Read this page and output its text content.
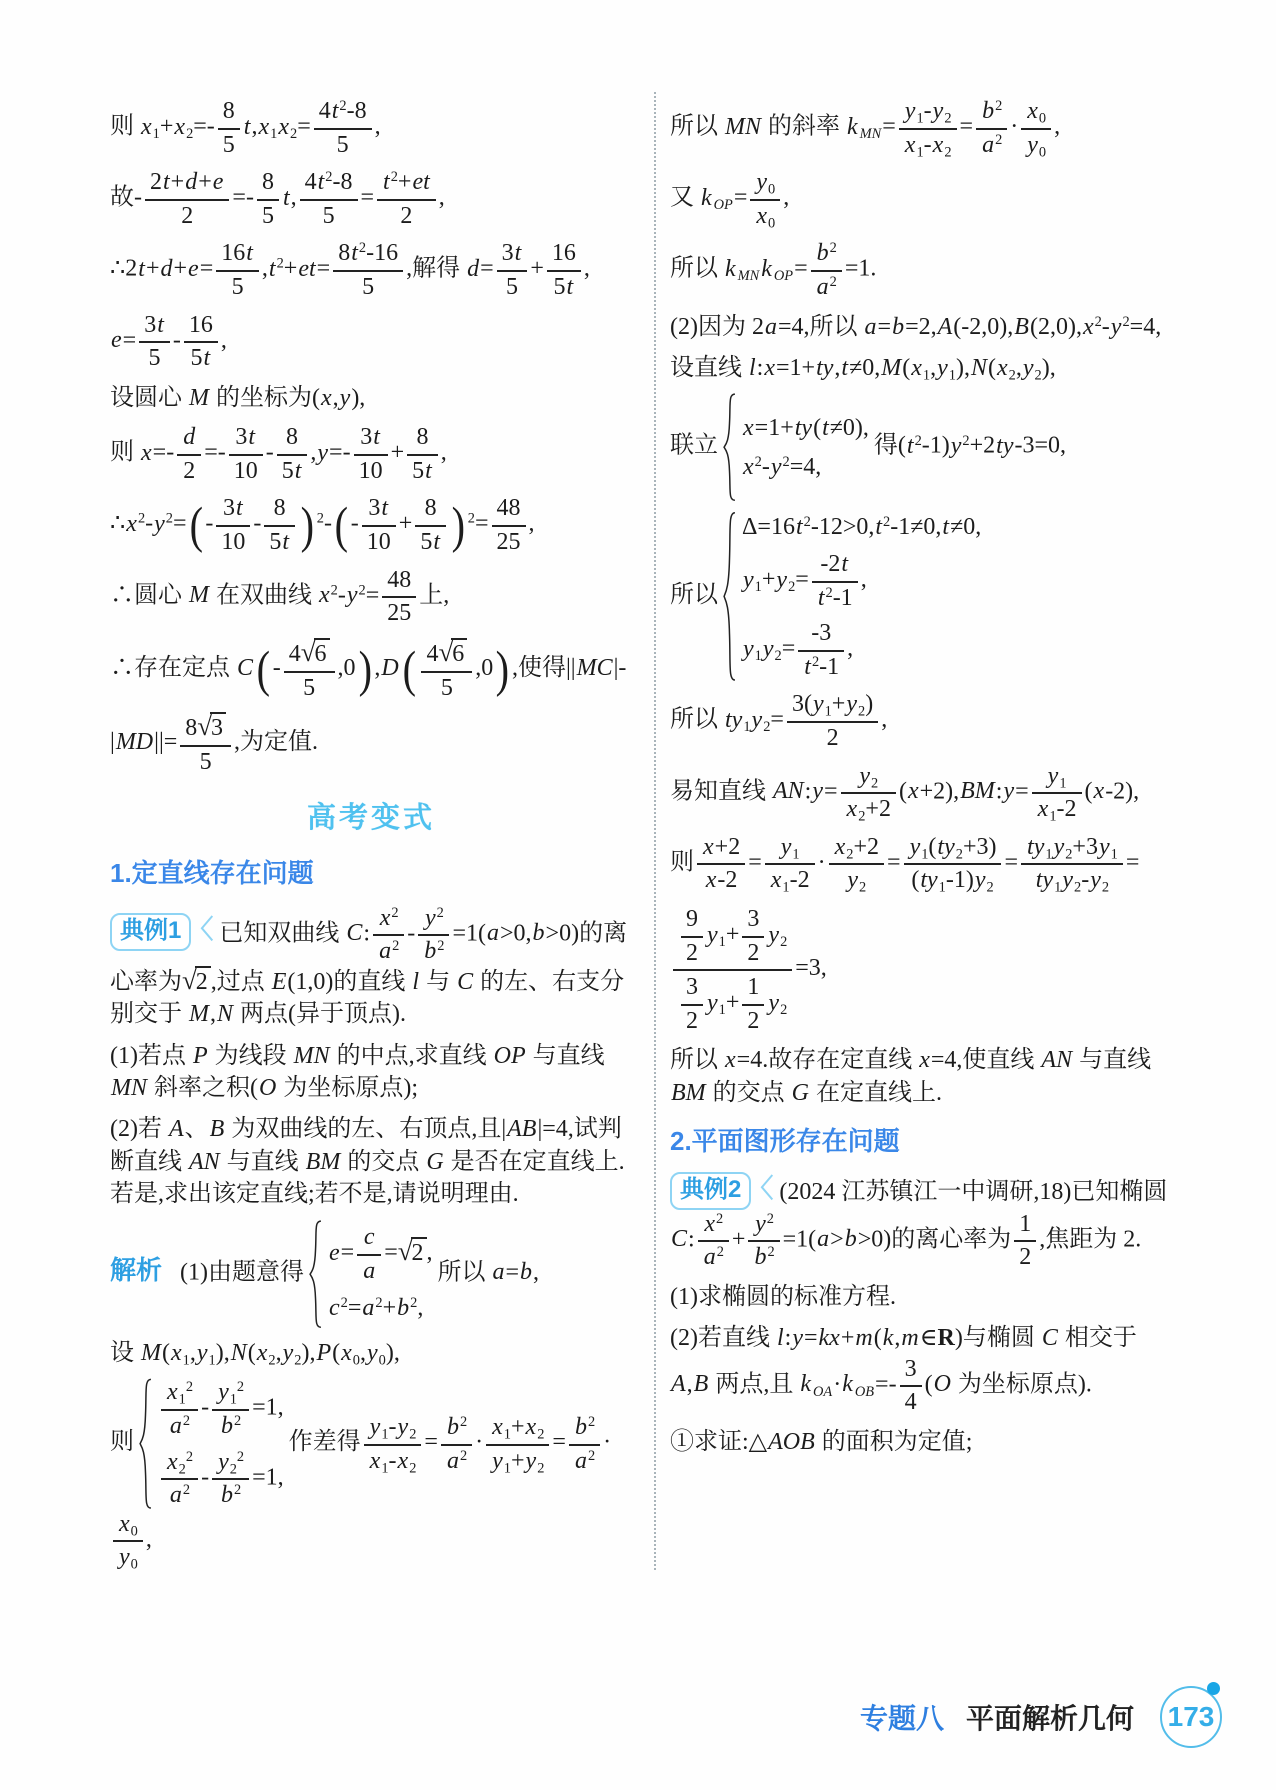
则 $x_1+x_2=- \frac{8}{5} t,x_1x_2= \frac{4t^2-8}{5}$ ,
故- $\frac{2t+d+e}{2} =- \frac{8}{5} t$, $\frac{4t^2-8}{5} = \frac{t^2+et}{2}$ ,
∴2t+d+e= $\frac{16t}{5} ,t^2+et= \frac{8t^2-16}{5}$ ,解得 $d= \frac{3t}{5} + \frac{16}{5t}$ ,
$e= \frac{3t}{5} - \frac{16}{5t}$ ,
设圆心 M 的坐标为(x,y),
则 $x=- \frac{d}{2} =- \frac{3t}{10} - \frac{8}{5t} ,y=- \frac{3t}{10} + \frac{8}{5t}$ ,
$\therefore x^2-y^2=$ ( - $\frac{3t}{10} - \frac{8}{5t}$ ) $^2$- ( - $\frac{3t}{10} + \frac{8}{5t}$ ) $^2= \frac{48}{25}$ ,
∴圆心 M 在双曲线 $x^2-y^2= \frac{48}{25}$ 上,
∴存在定点 C ( - $\frac{4 √ 6}{5} ,0$ ) ,D ( $\frac{4 √ 6}{5} ,0$ ) ,使得||MC|-
$|MD||= \frac{8 √ 3}{5}$ ,为定值.
高考变式
1.定直线存在问题
典例1 〈 已知双曲线 C: $\frac{x^2}{a^2} - \frac{y^2}{b^2} =1(a>0,b>0)$的离心率为 √ 2 ,过点 E(1,0)的直线 l 与 C 的左、右支分别交于 M,N 两点(异于顶点).
(1)若点 P 为线段 MN 的中点,求直线 OP 与直线 MN 斜率之积(O 为坐标原点);
(2)若 A、B 为双曲线的左、右顶点,且|AB|=4,试判断直线 AN 与直线 BM 的交点 G 是否在定直线上.若是,求出该定直线;若不是,请说明理由.
解析 (1)由题意得
$e= \frac{c}{a}$ = √ 2 ,
$c^2=a^2+b^2$,
所以 a=b,
设 $M(x_1,y_1),N(x_2,y_2),P(x_0,y_0)$,
则
$\frac{x_1^2}{a^2} - \frac{y_1^2}{b^2} =1$,
$\frac{x_2^2}{a^2} - \frac{y_2^2}{b^2} =1$,
作差得 $\frac{y_1-y_2}{x_1-x_2} = \frac{b^2}{a^2} \cdot \frac{x_1+x_2}{y_1+y_2} = \frac{b^2}{a^2}$ ·
$\frac{x_0}{y_0}$ ,
所以 MN 的斜率 k $_{MN}= \frac{y_1-y_2}{x_1-x_2} = \frac{b^2}{a^2} \cdot \frac{x_0}{y_0}$ ,
又 k $_{OP}= \frac{y_0}{x_0}$ ,
所以 k $_{MN}$k $_{OP}= \frac{b^2}{a^2} =1$.
(2)因为 2a=4,所以 $a=b=2,A(-2,0),B(2,0),x^2-y^2=4$,
设直线 $l:x=1+ty,t\ne 0,M(x_1,y_1),N(x_2,y_2)$,
联立
x=1+ty(t≠0),
$x^2-y^2=4$,
得$(t^2-1)y^2+2ty-3=0$,
所以
$\Delta=16t^2-12>0,t^2-1\ne 0,t\ne 0$,
$y_1+y_2= \frac{-2t}{t^2-1}$ ,
$y_1y_2= \frac{-3}{t^2-1}$ ,
所以 $ty_1y_2= \frac{3(y_1+y_2)}{2}$ ,
易知直线 AN:y= $\frac{y_2}{x_2+2}$ (x+2),BM:y= $\frac{y_1}{x_1-2} (x-2)$,
则 $\frac{x+2}{x-2} = \frac{y_1}{x_1-2} \cdot \frac{x_2+2}{y_2} = \frac{y_1(ty_2+3)}{(ty_1-1)y_2} = \frac{ty_1y_2+3y_1}{ty_1y_2-y_2}$ =
$\frac{\frac{9}{2} y_1+ \frac{3}{2} y_2}{\frac{3}{2} y_1+ \frac{1}{2} y_2} =3$,
所以 x=4.故存在定直线 x=4,使直线 AN 与直线 BM 的交点 G 在定直线上.
2.平面图形存在问题
典例2 〈 (2024 江苏镇江一中调研,18)已知椭圆 C: $\frac{x^2}{a^2} + \frac{y^2}{b^2} =1(a>b>0)$的离心率为 $\frac{1}{2}$ ,焦距为 2.
(1)求椭圆的标准方程.
(2)若直线 l:y=kx+m(k,m∈R)与椭圆 C 相交于 A,B 两点,且 k $_{OA}$·k $_{OB}=- \frac{3}{4} (O$ 为坐标原点).
①求证:△AOB 的面积为定值;
专题八 平面解析几何 173
